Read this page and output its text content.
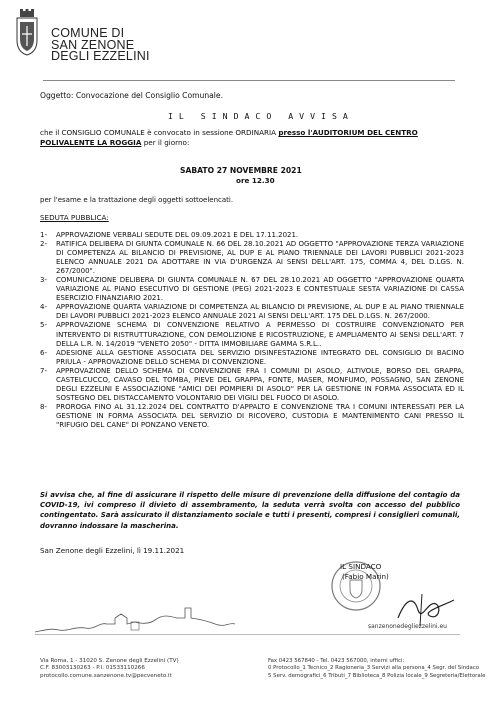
COMUNE DI
SAN ZENONE
DEGLI EZZELINI
Oggetto: Convocazione del Consiglio Comunale.
IL SINDACO AVVISA
che il CONSIGLIO COMUNALE è convocato in sessione ORDINARIA presso l'AUDITORIUM DEL CENTRO POLIVALENTE LA ROGGIA per il giorno:
SABATO 27 NOVEMBRE 2021
ore 12.30
per l'esame e la trattazione degli oggetti sottoelencati.
SEDUTA PUBBLICA:
1- APPROVAZIONE VERBALI SEDUTE DEL 09.09.2021 E DEL 17.11.2021.
2- RATIFICA DELIBERA DI GIUNTA COMUNALE N. 66 DEL 28.10.2021 AD OGGETTO "APPROVAZIONE TERZA VARIAZIONE DI COMPETENZA AL BILANCIO DI PREVISIONE, AL DUP E AL PIANO TRIENNALE DEI LAVORI PUBBLICI 2021-2023 ELENCO ANNUALE 2021 DA ADOTTARE IN VIA D'URGENZA AI SENSI DELL'ART. 175, COMMA 4, DEL D.LGS. N. 267/2000".
3- COMUNICAZIONE DELIBERA DI GIUNTA COMUNALE N. 67 DEL 28.10.2021 AD OGGETTO "APPROVAZIONE QUARTA VARIAZIONE AL PIANO ESECUTIVO DI GESTIONE (PEG) 2021-2023 E CONTESTUALE SESTA VARIAZIONE DI CASSA ESERCIZIO FINANZIARIO 2021.
4- APPROVAZIONE QUARTA VARIAZIONE DI COMPETENZA AL BILANCIO DI PREVISIONE, AL DUP E AL PIANO TRIENNALE DEI LAVORI PUBBLICI 2021-2023 ELENCO ANNUALE 2021 AI SENSI DELL'ART. 175 DEL D.LGS. N. 267/2000.
5- APPROVAZIONE SCHEMA DI CONVENZIONE RELATIVO A PERMESSO DI COSTRUIRE CONVENZIONATO PER INTERVENTO DI RISTRUTTURAZIONE, CON DEMOLIZIONE E RICOSTRUZIONE, E AMPLIAMENTO AI SENSI DELL'ART. 7 DELLA L.R. N. 14/2019 "VENETO 2050" - DITTA IMMOBILIARE GAMMA S.R.L..
6- ADESIONE ALLA GESTIONE ASSOCIATA DEL SERVIZIO DISINFESTAZIONE INTEGRATO DEL CONSIGLIO DI BACINO PRIULA - APPROVAZIONE DELLO SCHEMA DI CONVENZIONE.
7- APPROVAZIONE DELLO SCHEMA DI CONVENZIONE FRA I COMUNI DI ASOLO, ALTIVOLE, BORSO DEL GRAPPA, CASTELCUCCO, CAVASO DEL TOMBA, PIEVE DEL GRAPPA, FONTE, MASER, MONFUMO, POSSAGNO, SAN ZENONE DEGLI EZZELINI E ASSOCIAZIONE "AMICI DEI POMPIERI DI ASOLO" PER LA GESTIONE IN FORMA ASSOCIATA ED IL SOSTEGNO DEL DISTACCAMENTO VOLONTARIO DEI VIGILI DEL FUOCO DI ASOLO.
8- PROROGA FINO AL 31.12.2024 DEL CONTRATTO D'APPALTO E CONVENZIONE TRA I COMUNI INTERESSATI PER LA GESTIONE IN FORMA ASSOCIATA DEL SERVIZIO DI RICOVERO, CUSTODIA E MANTENIMENTO CANI PRESSO IL "RIFUGIO DEL CANE" DI PONZANO VENETO.
Si avvisa che, al fine di assicurare il rispetto delle misure di prevenzione della diffusione del contagio da COVID-19, ivi compreso il divieto di assembramento, la seduta verrà svolta con accesso del pubblico contingentato. Sarà assicurato il distanziamento sociale e tutti i presenti, compresi i consiglieri comunali, dovranno indossare la mascherina.
San Zenone degli Ezzelini, lì 19.11.2021
IL SINDACO
(Fabio Marin)
sanzenonedegliezzelini.eu
Via Roma, 1 - 31020 S. Zenone degli Ezzelini (TV)
C.F. 83003130263 - P.I. 01533110266
protocollo.comune.sanzenone.tv@pecveneto.it
Fax 0423 567840 - Tel. 0423 567000, interni uffici:
0 Protocollo_1 Tecnico_2 Ragioneria_3 Servizi alla persona_4 Segr. del Sindaco
5 Serv. demografici_6 Tributi_7 Biblioteca_8 Polizia locale_9 Segreteria/Elettorale
